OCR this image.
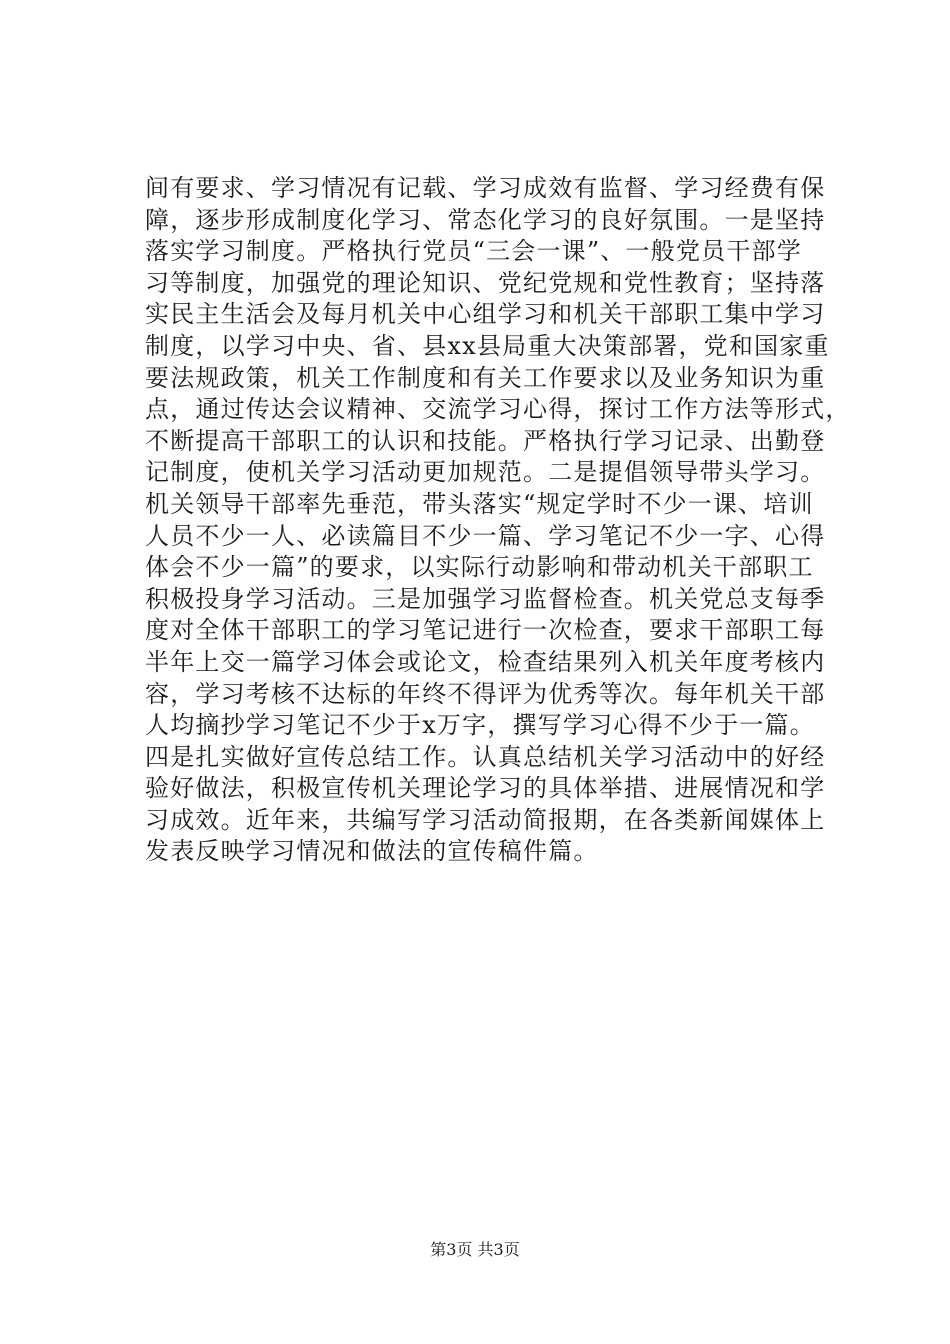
间有要求、学习情况有记载、学习成效有监督、学习经费有保
障，逐步形成制度化学习、常态化学习的良好氛围。一是坚持
落实学习制度。严格执行党员“三会一课”、一般党员干部学
习等制度，加强党的理论知识、党纪党规和党性教育；坚持落
实民主生活会及每月机关中心组学习和机关干部职工集中学习
制度，以学习中央、省、县xx县局重大决策部署，党和国家重
要法规政策，机关工作制度和有关工作要求以及业务知识为重
点，通过传达会议精神、交流学习心得，探讨工作方法等形式，
不断提高干部职工的认识和技能。严格执行学习记录、出勤登
记制度，使机关学习活动更加规范。二是提倡领导带头学习。
机关领导干部率先垂范，带头落实“规定学时不少一课、培训
人员不少一人、必读篇目不少一篇、学习笔记不少一字、心得
体会不少一篇”的要求，以实际行动影响和带动机关干部职工
积极投身学习活动。三是加强学习监督检查。机关党总支每季
度对全体干部职工的学习笔记进行一次检查，要求干部职工每
半年上交一篇学习体会或论文，检查结果列入机关年度考核内
容，学习考核不达标的年终不得评为优秀等次。每年机关干部
人均摘抄学习笔记不少于x万字，撰写学习心得不少于一篇。
四是扎实做好宣传总结工作。认真总结机关学习活动中的好经
验好做法，积极宣传机关理论学习的具体举措、进展情况和学
习成效。近年来，共编写学习活动简报期，在各类新闻媒体上
发表反映学习情况和做法的宣传稿件篇。
第3页 共3页
